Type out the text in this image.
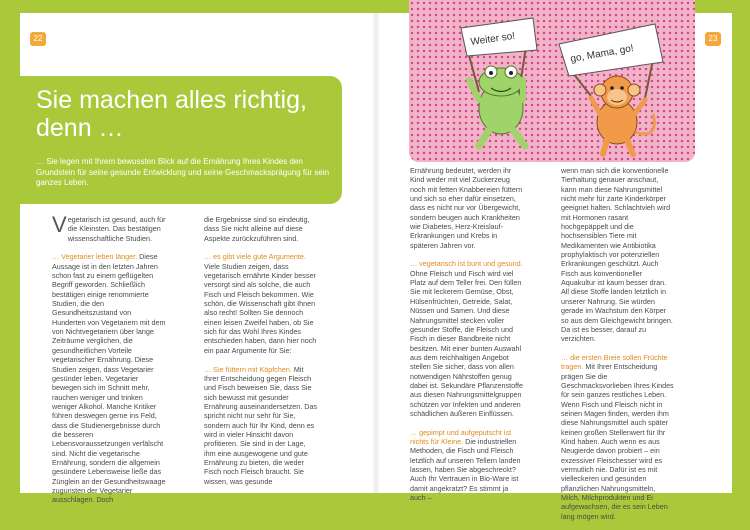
22	23
Sie machen alles richtig,
denn …

… Sie legen mit Ihrem bewussten Blick auf die Ernährung Ihres Kindes den Grundstein für seine gesunde Entwicklung und seine Geschmacksprägung für sein ganzes Leben.

Weiter so!
go, Mama, go!

Vegetarisch ist gesund, auch für die Kleinsten. Das bestätigen wissenschaftliche Studien.

… Vegetarier leben länger. Diese Aussage ist in den letzten Jahren schon fast zu einem geflügelten Begriff geworden. Schließlich bestätigen einige renommierte Studien, die den Gesundheitszustand von Hunderten von Vegetariern mit dem von Nichtvegetariern über lange Zeiträume verglichen, die gesundheitlichen Vorteile vegetarischer Ernährung. Diese Studien zeigen, dass Vegetarier gesünder leben. Vegetarier bewegen sich im Schnitt mehr, rauchen weniger und trinken weniger Alkohol. Manche Kritiker führen deswegen gerne ins Feld, dass die Studienergebnisse durch die besseren Lebensvoraussetzungen verfälscht sind. Nicht die vegetarische Ernährung, sondern die allgemein gesündere Lebensweise ließe das Zünglein an der Gesundheitswaage zugunsten der Vegetarier ausschlagen. Doch

die Ergebnisse sind so eindeutig, dass Sie nicht alleine auf diese Aspekte zurückzuführen sind.

… es gibt viele gute Argumente. Viele Studien zeigen, dass vegetarisch ernährte Kinder besser versorgt sind als solche, die auch Fisch und Fleisch bekommen. Wie schön, die Wissenschaft gibt Ihnen also recht! Sollten Sie dennoch einen leisen Zweifel haben, ob Sie sich für das Wohl Ihres Kindes entschieden haben, dann hier noch ein paar Argumente für Sie:

… Sie füttern mit Köpfchen. Mit Ihrer Entscheidung gegen Fleisch und Fisch beweisen Sie, dass Sie sich bewusst mit gesunder Ernährung auseinandersetzen. Das spricht nicht nur sehr für Sie, sondern auch für Ihr Kind, denn es wird in vieler Hinsicht davon profitieren. Sie sind in der Lage, ihm eine ausgewogene und gute Ernährung zu bieten, die weder Fisch noch Fleisch braucht. Sie wissen, was gesunde

Ernährung bedeutet, werden ihr Kind weder mit viel Zuckerzeug noch mit fetten Knabbereien füttern und sich so eher dafür einsetzen, dass es nicht nur vor Übergewicht, sondern beugen auch Krankheiten wie Diabetes, Herz-Kreislauf-Erkrankungen und Krebs in späteren Jahren vor.

… vegetarisch ist bunt und gesund. Ohne Fleisch und Fisch wird viel Platz auf dem Teller frei. Den füllen Sie mit leckerem Gemüse, Obst, Hülsenfrüchten, Getreide, Salat, Nüssen und Samen. Und diese Nahrungsmittel stecken voller gesunder Stoffe, die Fleisch und Fisch in dieser Bandbreite nicht besitzen. Mit einer bunten Auswahl aus dem reichhaltigen Angebot stellen Sie sicher, dass von allen notwendigen Nährstoffen genug dabei ist. Sekundäre Pflanzenstoffe aus diesen Nahrungsmittelgruppen schützen vor Infekten und anderen schädlichen äußeren Einflüssen.

… gepimpt und aufgeputscht ist nichts für Kleine. Die industriellen Methoden, die Fisch und Fleisch letztlich auf unseren Tellern landen lassen, haben Sie abgeschreckt? Auch Ihr Vertrauen in Bio-Ware ist damit angekratzt? Es stimmt ja auch –

wenn man sich die konventionelle Tierhaltung genauer anschaut, kann man diese Nahrungsmittel nicht mehr für zarte Kinderkörper geeignet halten. Schlachtvieh wird mit Hormonen rasant hochgepäppelt und die hochsensiblen Tiere mit Medikamenten wie Antibiotika prophylaktisch vor potenziellen Erkrankungen geschützt. Auch Fisch aus konventioneller Aquakultur ist kaum besser dran. All diese Stoffe landen letztlich in unserer Nahrung. Sie würden gerade im Wachstum den Körper so aus dem Gleichgewicht bringen. Da ist es besser, darauf zu verzichten.

… die ersten Breie sollen Früchte tragen. Mit Ihrer Entscheidung prägen Sie die Geschmacksvorlieben Ihres Kindes für sein ganzes restliches Leben. Wenn Fisch und Fleisch nicht in seinen Magen finden, werden ihm diese Nahrungsmittel auch später keinen großen Stellenwert für Ihr Kind haben. Auch wenn es aus Neugierde davon probiert – ein exzessiver Fleischesser wird es vermutlich nie. Dafür ist es mit vielleckeren und gesunden pflanzlichen Nahrungsmitteln, Milch, Milchprodukten und Ei aufgewachsen, die es sein Leben lang mögen wird.
